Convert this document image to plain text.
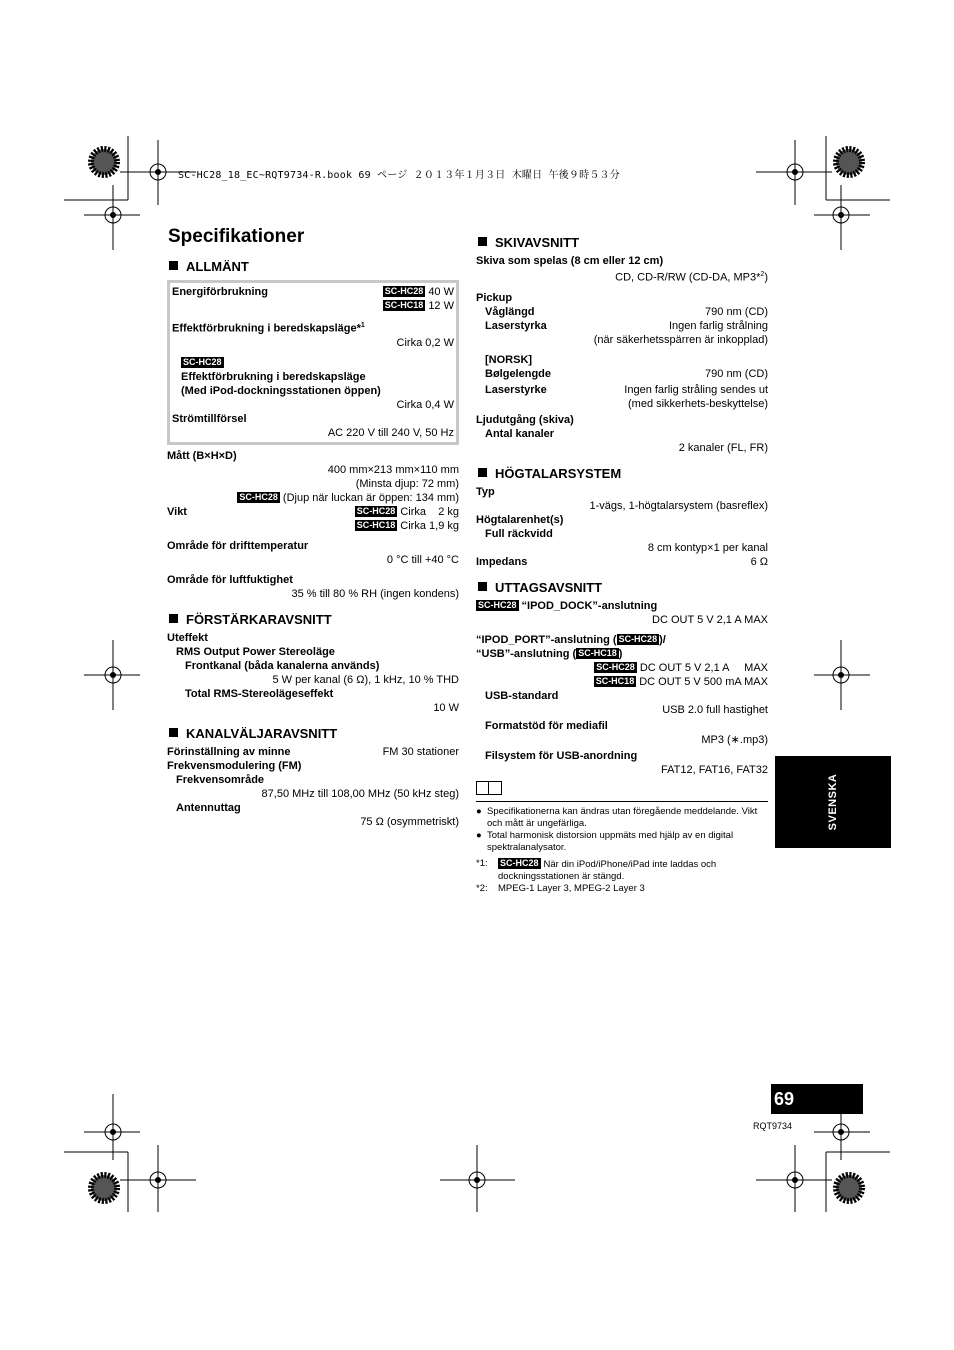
SC-HC28_18_EC~RQT9734-R.book 69 ページ ２０１３年１月３日 木曜日 午後９時５３分
Specifikationer
ALLMÄNT
Energiförbrukning	SC-HC28 40 W
SC-HC18 12 W
Effektförbrukning i beredskapsläge*$^1$
Cirka 0,2 W
SC-HC28
Effektförbrukning i beredskapsläge
(Med iPod-dockningsstationen öppen)
Cirka 0,4 W
Strömtillförsel
AC 220 V till 240 V, 50 Hz
Mått (B×H×D)
400 mm×213 mm×110 mm
(Minsta djup: 72 mm)
SC-HC28 (Djup när luckan är öppen: 134 mm)
Vikt	SC-HC28 Cirka    2 kg
SC-HC18 Cirka 1,9 kg
Område för drifttemperatur
0 °C till +40 °C
Område för luftfuktighet
35 % till 80 % RH (ingen kondens)
FÖRSTÄRKARAVSNITT
Uteffekt
RMS Output Power Stereoläge
Frontkanal (båda kanalerna används)
5 W per kanal (6 Ω), 1 kHz, 10 % THD
Total RMS-Stereolägeseffekt
10 W
KANALVÄLJARAVSNITT
Förinställning av minne	FM 30 stationer
Frekvensmodulering (FM)
Frekvensområde
87,50 MHz till 108,00 MHz (50 kHz steg)
Antennuttag
75 Ω (osymmetriskt)
SKIVAVSNITT
Skiva som spelas (8 cm eller 12 cm)
CD, CD-R/RW (CD-DA, MP3*$^2$)
Pickup
Våglängd	790 nm (CD)
Laserstyrka	Ingen farlig strålning
(när säkerhetsspärren är inkopplad)
[NORSK]
Bølgelengde	790 nm (CD)
Laserstyrke	Ingen farlig stråling sendes ut
(med sikkerhets-beskyttelse)
Ljudutgång (skiva)
Antal kanaler
2 kanaler (FL, FR)
HÖGTALARSYSTEM
Typ
1-vägs, 1-högtalarsystem (basreflex)
Högtalarenhet(s)
Full räckvidd
8 cm kontyp×1 per kanal
Impedans	6 Ω
UTTAGSAVSNITT
SC-HC28 “IPOD_DOCK”-anslutning
DC OUT 5 V 2,1 A MAX
“IPOD_PORT”-anslutning ( SC-HC28 )/
“USB”-anslutning ( SC-HC18 )
SC-HC28 DC OUT 5 V 2,1 A     MAX
SC-HC18 DC OUT 5 V 500 mA MAX
USB-standard
USB 2.0 full hastighet
Formatstöd för mediafil
MP3 (∗.mp3)
Filsystem för USB-anordning
FAT12, FAT16, FAT32
● Specifikationerna kan ändras utan föregående meddelande. Vikt och mått är ungefärliga.
● Total harmonisk distorsion uppmäts med hjälp av en digital spektralanalysator.
*1:	SC-HC28 När din iPod/iPhone/iPad inte laddas och dockningsstationen är stängd.
*2:	MPEG-1 Layer 3, MPEG-2 Layer 3
SVENSKA
69
RQT9734
